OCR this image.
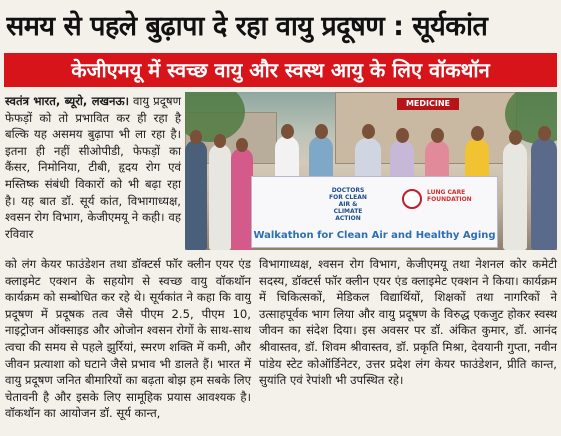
समय से पहले बुढ़ापा दे रहा वायु प्रदूषण : सूर्यकांत
केजीएमयू में स्वच्छ वायु और स्वस्थ आयु के लिए वॉकथॉन

स्वतंत्र भारत, ब्यूरो, लखनऊ। वायु प्रदूषण फेफड़ों को तो प्रभावित कर ही रहा है बल्कि यह असमय बुढ़ापा भी ला रहा है। इतना ही नहीं सीओपीडी, फेफड़ों का कैंसर, निमोनिया, टीबी, हृदय रोग एवं मस्तिष्क संबंधी विकारों को भी बढ़ा रहा है। यह बात डॉ. सूर्य कांत, विभागाध्यक्ष, श्वसन रोग विभाग, केजीएमयू ने कही। वह रविवार

MEDICINE
DOCTORS FOR CLEAN AIR & CLIMATE ACTION
LUNG CARE FOUNDATION
Walkathon for Clean Air and Healthy Aging

को लंग केयर फाउंडेशन तथा डॉक्टर्स फॉर क्लीन एयर एंड क्लाइमेट एक्शन के सहयोग से स्वच्छ वायु वॉकथॉन कार्यक्रम को सम्बोधित कर रहे थे। सूर्यकांत ने कहा कि वायु प्रदूषण में प्रदूषक तत्व जैसे पीएम 2.5, पीएम 10, नाइट्रोजन ऑक्साइड और ओजोन श्वसन रोगों के साथ-साथ त्वचा की समय से पहले झुर्रियां, स्मरण शक्ति में कमी, और जीवन प्रत्याशा को घटाने जैसे प्रभाव भी डालते हैं। भारत में वायु प्रदूषण जनित बीमारियों का बढ़ता बोझ हम सबके लिए चेतावनी है और इसके लिए सामूहिक प्रयास आवश्यक है। वॉकथॉन का आयोजन डॉ. सूर्य कान्त,

विभागाध्यक्ष, श्वसन रोग विभाग, केजीएमयू तथा नेशनल कोर कमेटी सदस्य, डॉक्टर्स फॉर क्लीन एयर एंड क्लाइमेट एक्शन ने किया। कार्यक्रम में चिकित्सकों, मेडिकल विद्यार्थियों, शिक्षकों तथा नागरिकों ने उत्साहपूर्वक भाग लिया और वायु प्रदूषण के विरुद्ध एकजुट होकर स्वस्थ जीवन का संदेश दिया। इस अवसर पर डॉ. अंकित कुमार, डॉ. आनंद श्रीवास्तव, डॉ. शिवम श्रीवास्तव, डॉ. प्रकृति मिश्रा, देवयानी गुप्ता, नवीन पांडेय स्टेट कोऑर्डिनेटर, उत्तर प्रदेश लंग केयर फाउंडेशन, प्रीति कान्त, सुयांति एवं रेपांशी भी उपस्थित रहे।
